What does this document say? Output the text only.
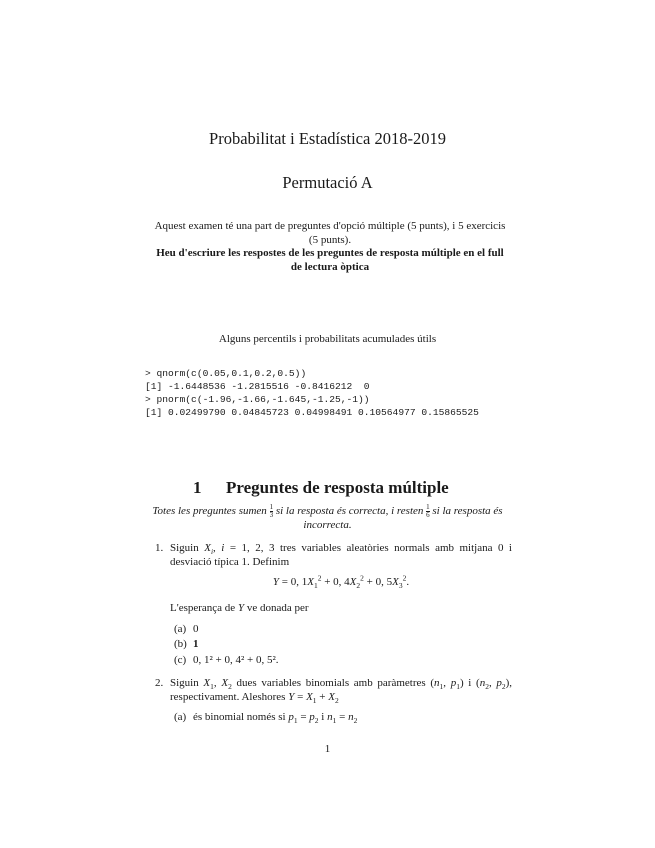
Probabilitat i Estadística 2018-2019
Permutació A
Aquest examen té una part de preguntes d'opció múltiple (5 punts), i 5 exercicis (5 punts).
Heu d'escriure les respostes de les preguntes de resposta múltiple en el full de lectura òptica
Alguns percentils i probabilitats acumulades útils
> qnorm(c(0.05,0.1,0.2,0.5))
[1] -1.6448536 -1.2815516 -0.8416212  0
> pnorm(c(-1.96,-1.66,-1.645,-1.25,-1))
[1] 0.02499790 0.04845723 0.04998491 0.10564977 0.15865525
1 Preguntes de resposta múltiple
Totes les preguntes sumen $\frac{1}{3}$ si la resposta és correcta, i resten $\frac{1}{6}$ si la resposta és incorrecta.
1. Siguin $X_i$, i = 1, 2, 3 tres variables aleatòries normals amb mitjana 0 i desviació típica 1. Definim
Y = 0, $1X_1^2 + 0$, $4X_2^2 + 0$, $5X_3^2$.
L'esperança de Y ve donada per
(a) 0
(b) 1
(c) 0, 1² + 0, 4² + 0, 5².
2. Siguin $X_1$, $X_2$ dues variables binomials amb paràmetres ($n_1$, $p_1$) i ($n_2$, $p_2$), respectivament. Aleshores $Y = X_1 + X_2$
(a) és binomial només si $p_1 = p_2$ i $n_1 = n_2$
1
